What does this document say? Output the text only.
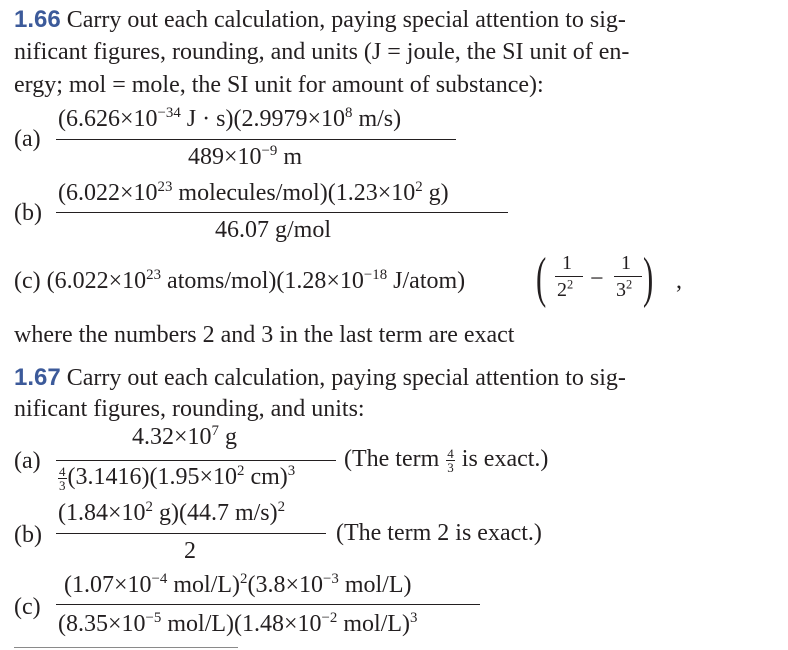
1.66 Carry out each calculation, paying special attention to sig-
nificant figures, rounding, and units (J = joule, the SI unit of en-
ergy; mol = mole, the SI unit for amount of substance):
(a)
($6.626\times 10^{-34}$ $J \cdot s)(2.9979\times 10^8$ m/s)
$489\times 10^{-9}$ m
(b)
($6.022\times 10^{23}$ molecules/$mol)(1.23\times 10^2$ g)
46.07 g/mol
(c) ($6.022\times 10^{23}$ atoms/$mol)(1.28\times 10^{-18}$ J/atom) ( 1
$2^2$ −
1
$3^2$ ) ,
where the numbers 2 and 3 in the last term are exact
1.67 Carry out each calculation, paying special attention to sig-
nificant figures, rounding, and units:
(a)
$4.32\times 10^7$ g
$\frac{4}{3} (3.1416)(1.95\times 10^2$ cm)$^3$ (The term $\frac{4}{3}$ is exact.)
(b)
($1.84\times 10^2$ g)(44.7 m/s)$^2$
2
(The term 2 is exact.)
(c)
($1.07\times 10^{-4}$ mol/$L)^2(3.8\times 10^{-3}$ mol/L)
($8.35\times 10^{-5}$ mol/$L)(1.48\times 10^{-2}$ mol/L)$^3$
